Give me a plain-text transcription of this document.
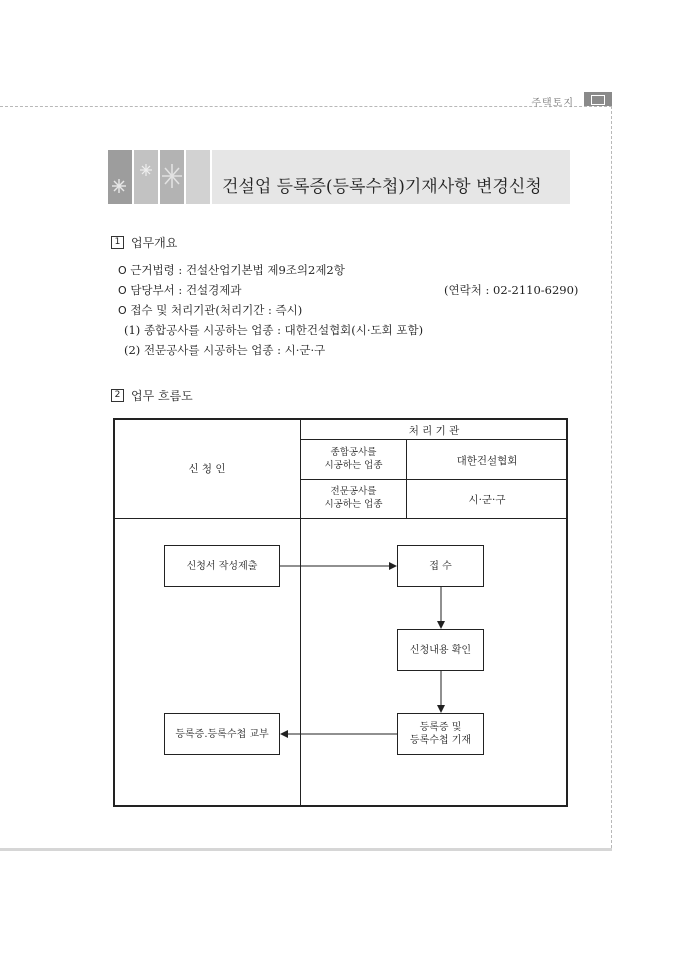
주택토지
건설업 등록증(등록수첩)기재사항 변경신청
1 업무개요
O 근거법령 : 건설산업기본법 제9조의2제2항
O 담당부서 : 건설경제과	(연락처 : 02-2110-6290)
O 접수 및 처리기관(처리기간 : 즉시)
(1) 종합공사를 시공하는 업종 : 대한건설협회(시·도회 포함)
(2) 전문공사를 시공하는 업종 : 시·군·구
2 업무 흐름도
신 청 인
처 리 기 관
종합공사를
시공하는 업종	대한건설협회
전문공사를
시공하는 업종	시·군·구
신청서 작성제출	접 수
신청내용 확인
등록증 및
등록수첩 기재
등록증.등록수첩 교부
